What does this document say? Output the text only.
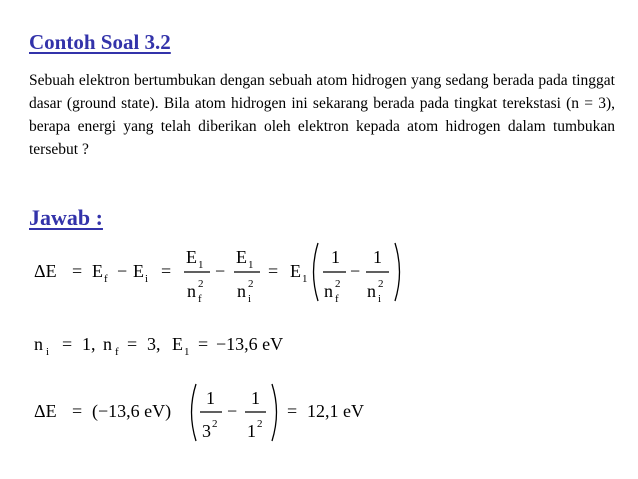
Contoh Soal 3.2
Sebuah elektron bertumbukan dengan sebuah atom hidrogen yang sedang berada pada tinggat dasar (ground state). Bila atom hidrogen ini sekarang berada pada tingkat terekstasi (n = 3), berapa energi yang telah diberikan oleh elektron kepada atom hidrogen dalam tumbukan tersebut ?
Jawab :
ΔE = E f − E i =
E 1
n 2
f
−
E 1
n 2
i
= E 1
1
n 2
f
−
1
n 2
i
n i = 1, n f = 3, E 1 = −13,6 eV
ΔE = (−13,6 eV)
1
3 2
−
1
1 2
= 12,1 eV
